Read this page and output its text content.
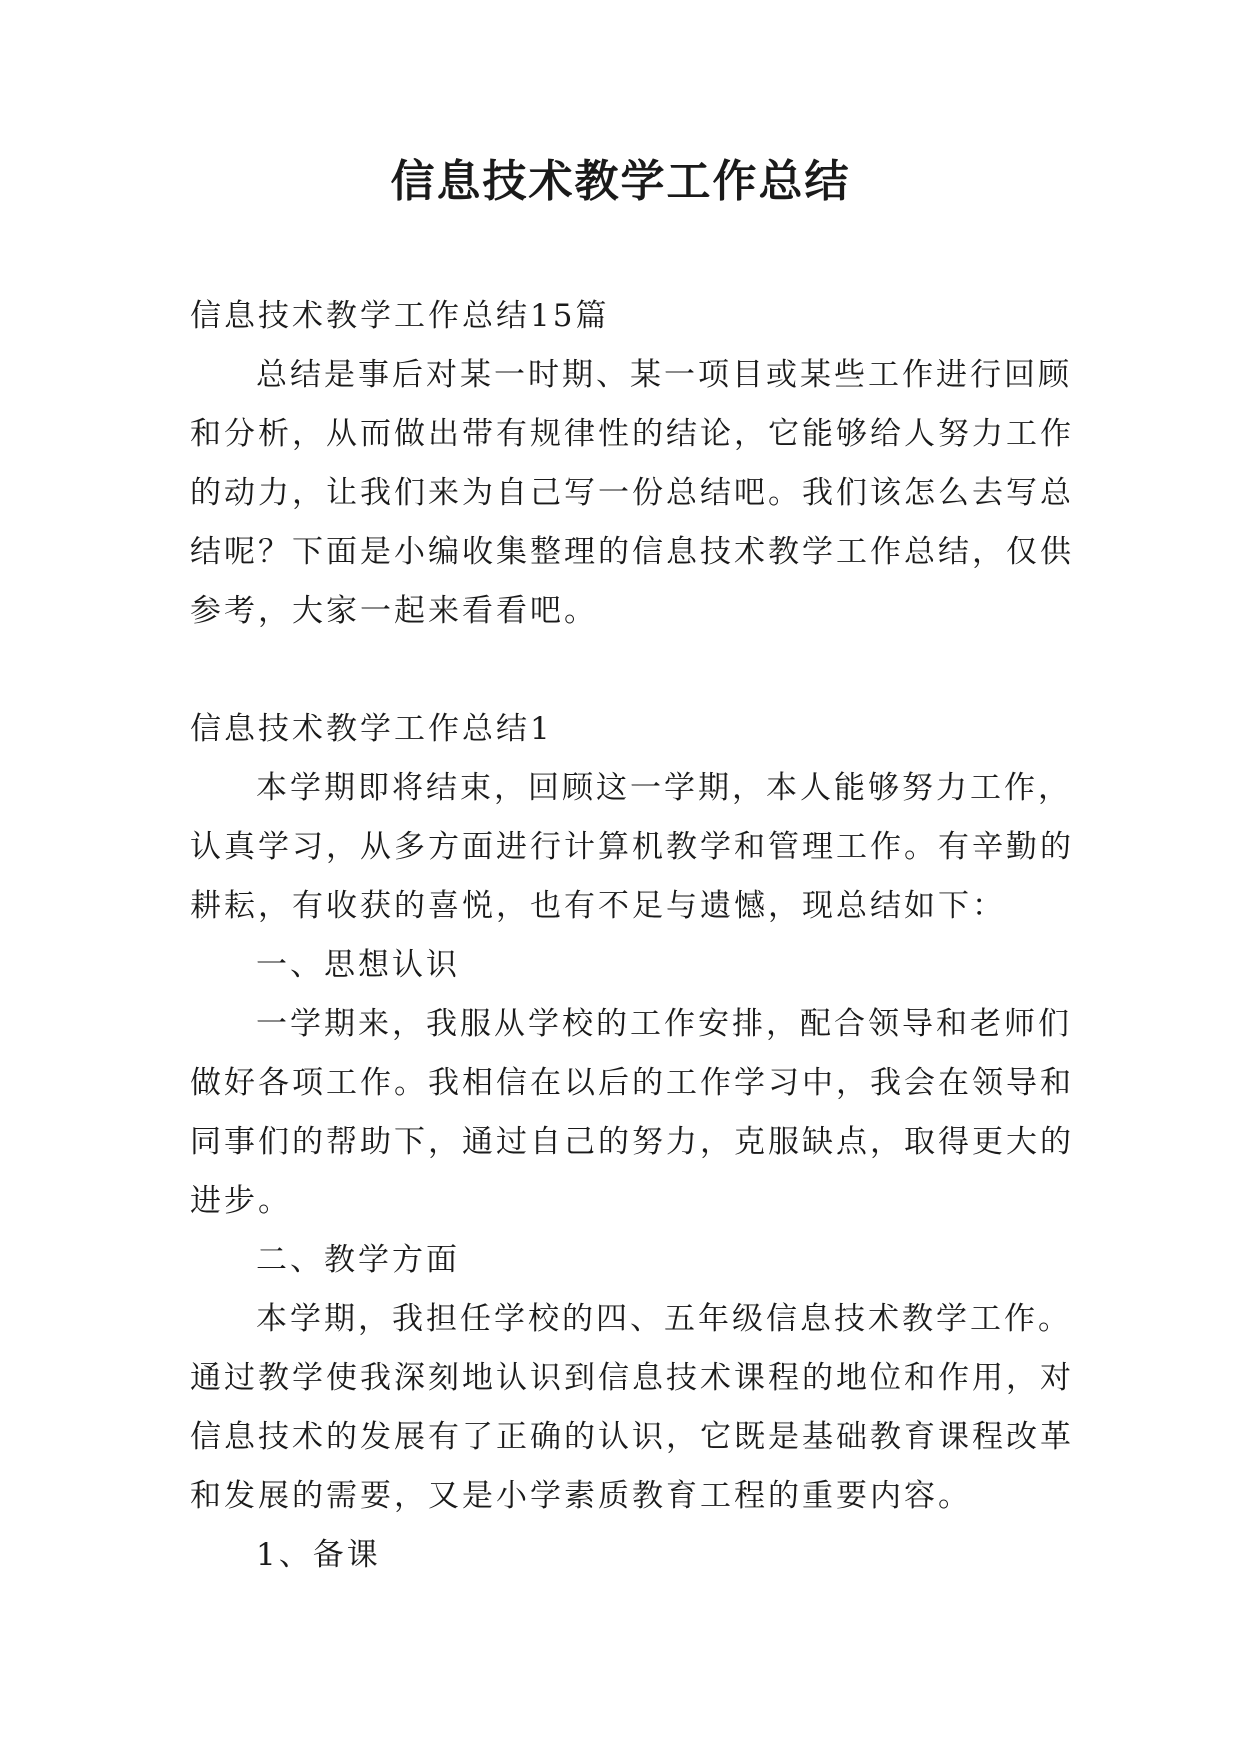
信息技术教学工作总结
信息技术教学工作总结15篇
总结是事后对某一时期、某一项目或某些工作进行回顾
和分析，从而做出带有规律性的结论，它能够给人努力工作
的动力，让我们来为自己写一份总结吧。我们该怎么去写总
结呢？下面是小编收集整理的信息技术教学工作总结，仅供
参考，大家一起来看看吧。
信息技术教学工作总结1
本学期即将结束，回顾这一学期，本人能够努力工作，
认真学习，从多方面进行计算机教学和管理工作。有辛勤的
耕耘，有收获的喜悦，也有不足与遗憾，现总结如下：
一、思想认识
一学期来，我服从学校的工作安排，配合领导和老师们
做好各项工作。我相信在以后的工作学习中，我会在领导和
同事们的帮助下，通过自己的努力，克服缺点，取得更大的
进步。
二、教学方面
本学期，我担任学校的四、五年级信息技术教学工作。
通过教学使我深刻地认识到信息技术课程的地位和作用，对
信息技术的发展有了正确的认识，它既是基础教育课程改革
和发展的需要，又是小学素质教育工程的重要内容。
1、备课
